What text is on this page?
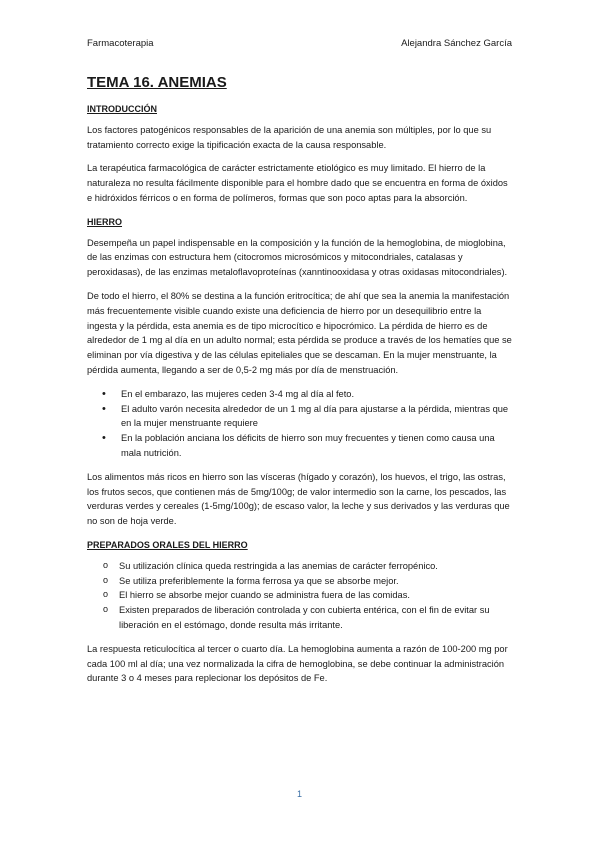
Farmacoterapia	Alejandra Sánchez García
TEMA 16. ANEMIAS
INTRODUCCIÓN

Los factores patogénicos responsables de la aparición de una anemia son múltiples, por lo que su tratamiento correcto exige la tipificación exacta de la causa responsable.

La terapéutica farmacológica de carácter estrictamente etiológico es muy limitado. El hierro de la naturaleza no resulta fácilmente disponible para el hombre dado que se encuentra en forma de óxidos e hidróxidos férricos o en forma de polímeros, formas que son poco aptas para la absorción.

HIERRO

Desempeña un papel indispensable en la composición y la función de la hemoglobina, de mioglobina, de las enzimas con estructura hem (citocromos microsómicos y mitocondriales, catalasas y peroxidasas), de las enzimas metaloflavoproteínas (xanntinooxidasa y otras oxidasas mitocondriales).

De todo el hierro, el 80% se destina a la función eritrocítica; de ahí que sea la anemia la manifestación más frecuentemente visible cuando existe una deficiencia de hierro por un desequilibrio entre la ingesta y la pérdida, esta anemia es de tipo microcítico e hipocrómico. La pérdida de hierro es de alrededor de 1 mg al día en un adulto normal; esta pérdida se produce a través de los hematíes que se eliminan por vía digestiva y de las células epiteliales que se descaman. En la mujer menstruante, la pérdida aumenta, llegando a ser de 0,5-2 mg más por día de menstruación.

• En el embarazo, las mujeres ceden 3-4 mg al día al feto.
• El adulto varón necesita alrededor de un 1 mg al día para ajustarse a la pérdida, mientras que en la mujer menstruante requiere
• En la población anciana los déficits de hierro son muy frecuentes y tienen como causa una mala nutrición.

Los alimentos más ricos en hierro son las vísceras (hígado y corazón), los huevos, el trigo, las ostras, los frutos secos, que contienen más de 5mg/100g; de valor intermedio son la carne, los pescados, las verduras verdes y cereales (1-5mg/100g); de escaso valor, la leche y sus derivados y las verduras que no son de hoja verde.

PREPARADOS ORALES DEL HIERRO
o Su utilización clínica queda restringida a las anemias de carácter ferropénico.
o Se utiliza preferiblemente la forma ferrosa ya que se absorbe mejor.
o El hierro se absorbe mejor cuando se administra fuera de las comidas.
o Existen preparados de liberación controlada y con cubierta entérica, con el fin de evitar su liberación en el estómago, donde resulta más irritante.

La respuesta reticulocítica al tercer o cuarto día. La hemoglobina aumenta a razón de 100-200 mg por cada 100 ml al día; una vez normalizada la cifra de hemoglobina, se debe continuar la administración durante 3 o 4 meses para replecionar los depósitos de Fe.

1
